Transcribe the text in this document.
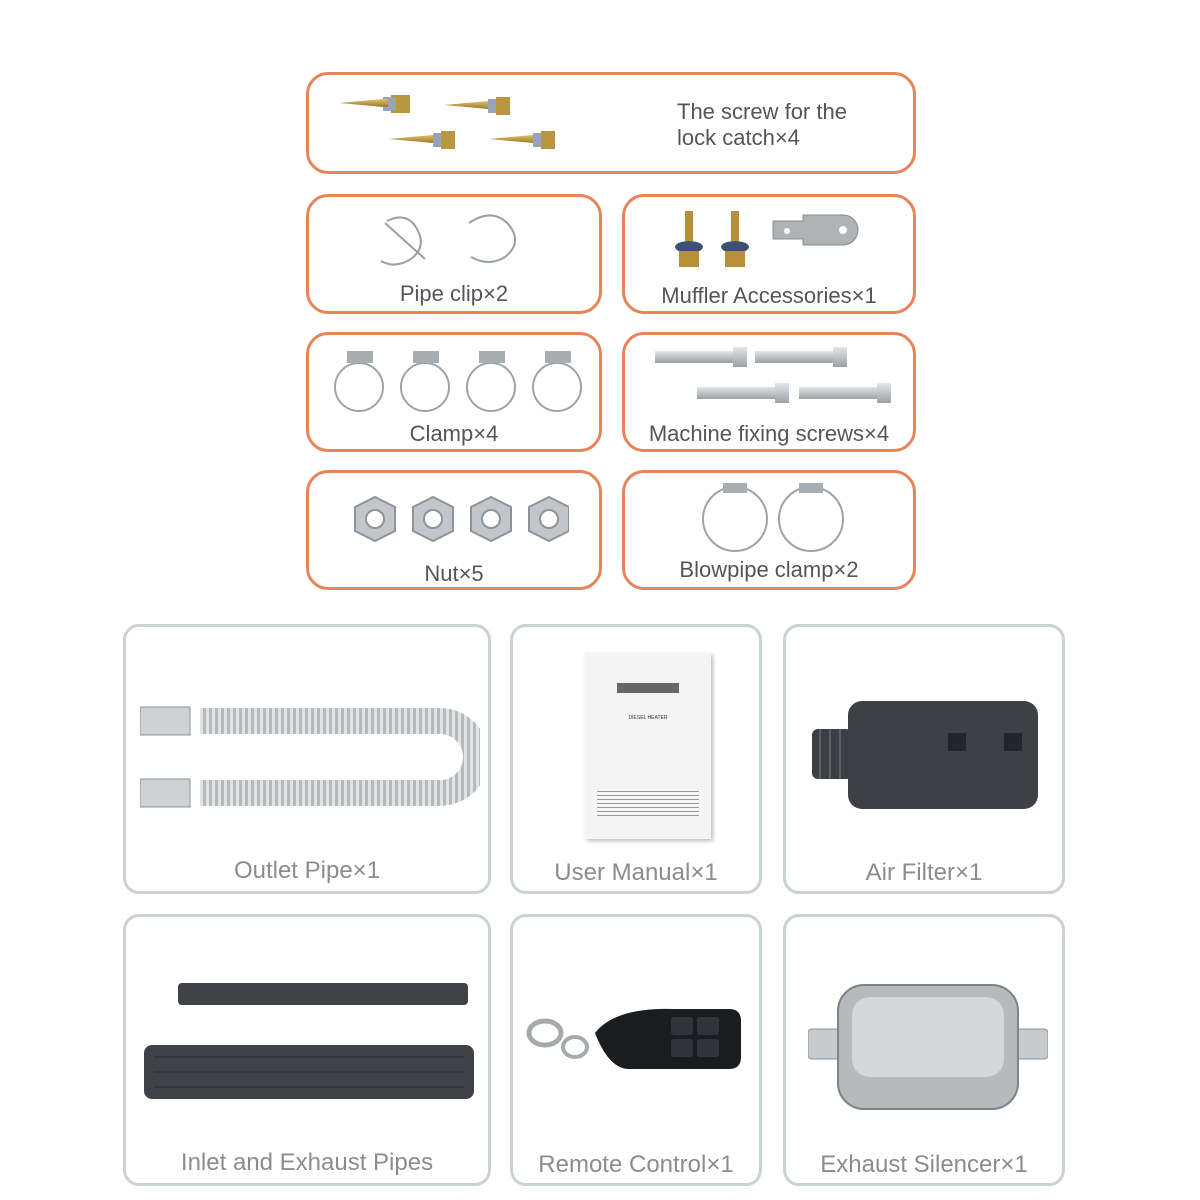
The screw for the
lock catch×4
Pipe clip×2	Muffler Accessories×1
Clamp×4	Machine fixing screws×4
Nut×5	Blowpipe clamp×2
Outlet Pipe×1
DIESEL HEATER
User Manual×1	Air Filter×1
Inlet and Exhaust Pipes	Remote Control×1	Exhaust Silencer×1
